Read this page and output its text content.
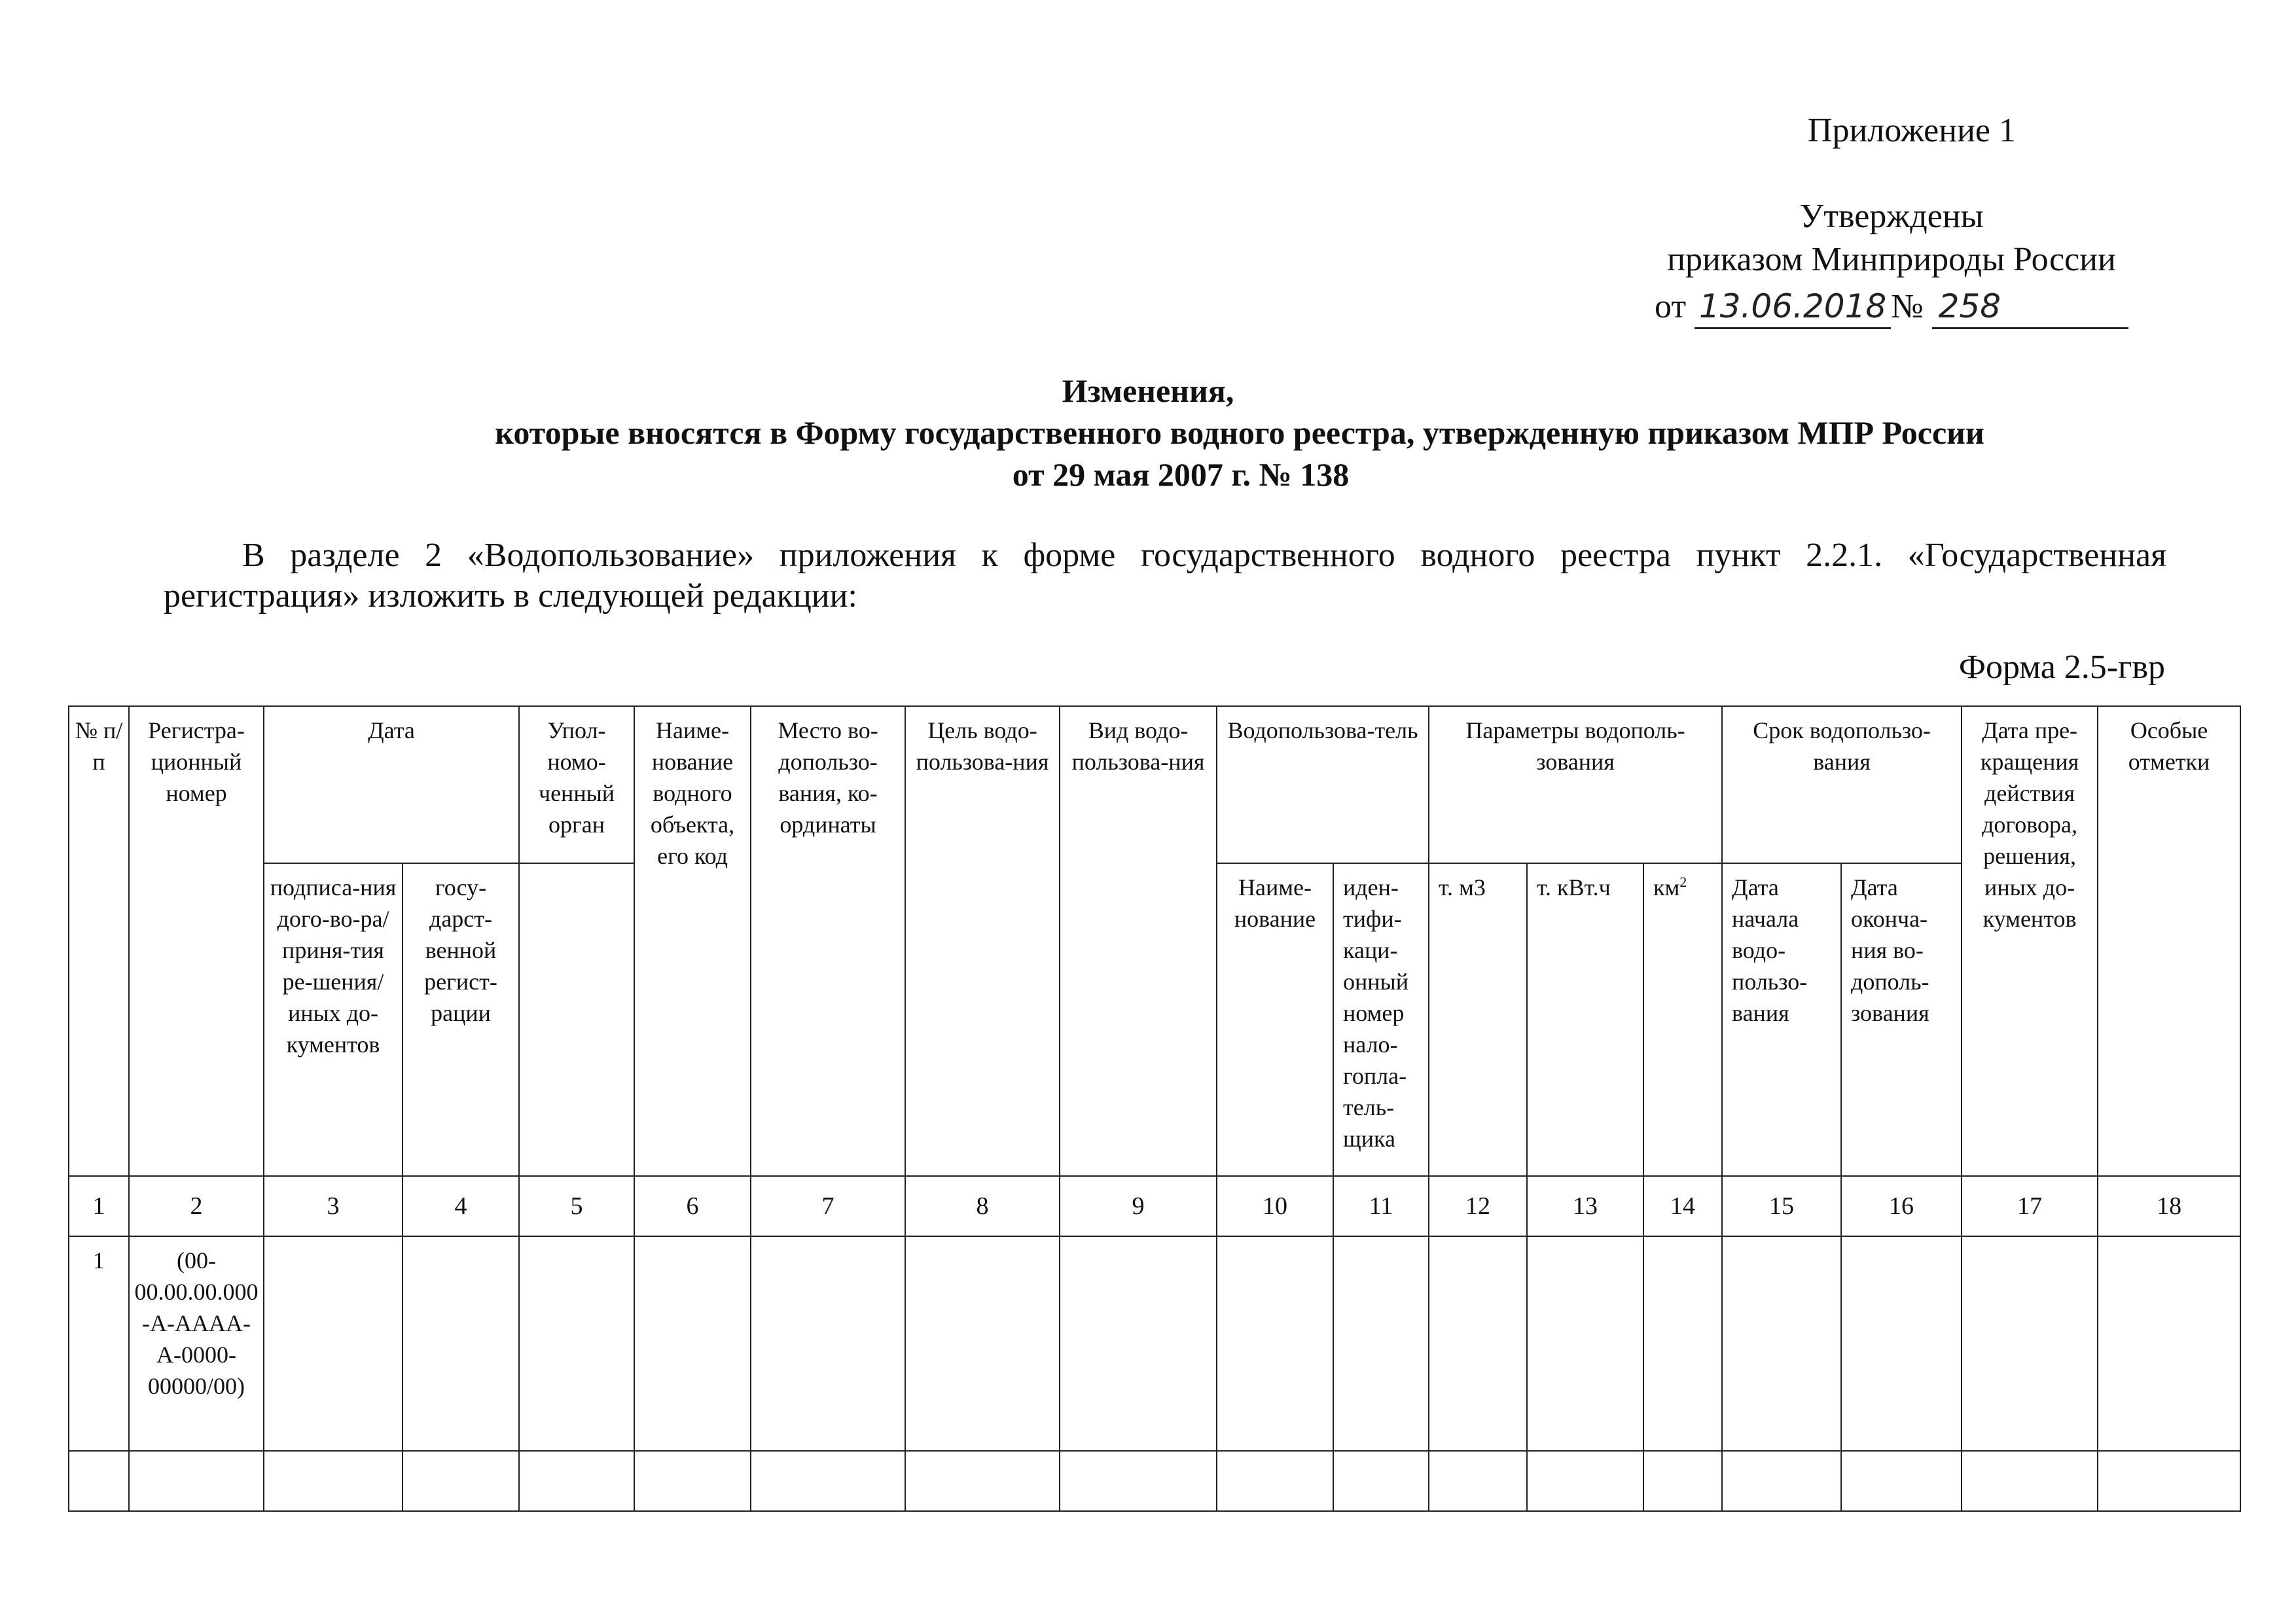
Приложение 1
Утверждены
приказом Минприроды России
от 13.06.2018 № 258
Изменения,
которые вносятся в Форму государственного водного реестра, утвержденную приказом МПР России
от 29 мая 2007 г. № 138
В разделе 2 «Водопользование» приложения к форме государственного водного реестра пункт 2.2.1. «Государственная регистрация» изложить в следующей редакции:
Форма 2.5-гвр
№ п/п	Регистра-ционный номер	Дата		Упол-номо-ченный орган	Наиме-нование водного объекта, его код	Место во-допользо-вания, ко-ординаты	Цель водо-пользова-ния	Вид водо-пользова-ния	Водопользова-тель		Параметры водополь-зования			Срок водопользо-вания		Дата пре-кращения действия договора, решения, иных до-кументов	Особые отметки
		подписа-ния дого-во-ра/приня-тия ре-шения/ иных до-кументов	госу-дарст-венной регист-рации						Наиме-нование	иден-тифи-каци-онный номер нало-гопла-тель-щика	т. м3	т. кВт.ч	$км^2$	Дата начала водо-пользо-вания	Дата оконча-ния во-дополь-зования		
1	2	3	4	5	6	7	8	9	10	11	12	13	14	15	16	17	18
1	(00-00.00.00.000-А-АААА-А-0000-00000/00)																
